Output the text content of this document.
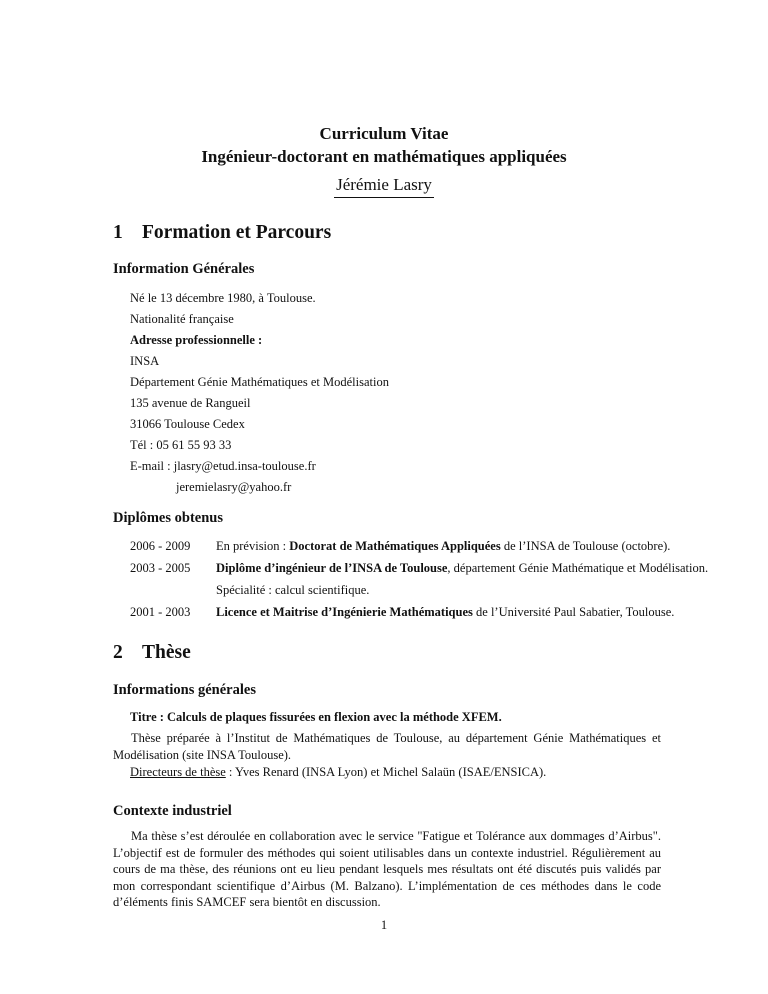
Curriculum Vitae
Ingénieur-doctorant en mathématiques appliquées
Jérémie Lasry
1 Formation et Parcours
Information Générales
Né le 13 décembre 1980, à Toulouse.
Nationalité française
Adresse professionnelle :
INSA
Département Génie Mathématiques et Modélisation
135 avenue de Rangueil
31066 Toulouse Cedex
Tél : 05 61 55 93 33
E-mail : jlasry@etud.insa-toulouse.fr
jeremielasry@yahoo.fr
Diplômes obtenus
2006 - 2009	En prévision : Doctorat de Mathématiques Appliquées de l’INSA de Toulouse (octobre).
2003 - 2005	Diplôme d’ingénieur de l’INSA de Toulouse, département Génie Mathématique et Modélisation.
Spécialité : calcul scientifique.
2001 - 2003	Licence et Maitrise d’Ingénierie Mathématiques de l’Université Paul Sabatier, Toulouse.
2 Thèse
Informations générales
Titre : Calculs de plaques fissurées en flexion avec la méthode XFEM.
Thèse préparée à l’Institut de Mathématiques de Toulouse, au département Génie Mathématiques et Modélisation (site INSA Toulouse).
Directeurs de thèse : Yves Renard (INSA Lyon) et Michel Salaün (ISAE/ENSICA).
Contexte industriel
Ma thèse s’est déroulée en collaboration avec le service "Fatigue et Tolérance aux dommages d’Airbus". L’objectif est de formuler des méthodes qui soient utilisables dans un contexte industriel. Régulièrement au cours de ma thèse, des réunions ont eu lieu pendant lesquels mes résultats ont été discutés puis validés par mon correspondant scientifique d’Airbus (M. Balzano). L’implémentation de ces méthodes dans le code d’éléments finis SAMCEF sera bientôt en discussion.
1
